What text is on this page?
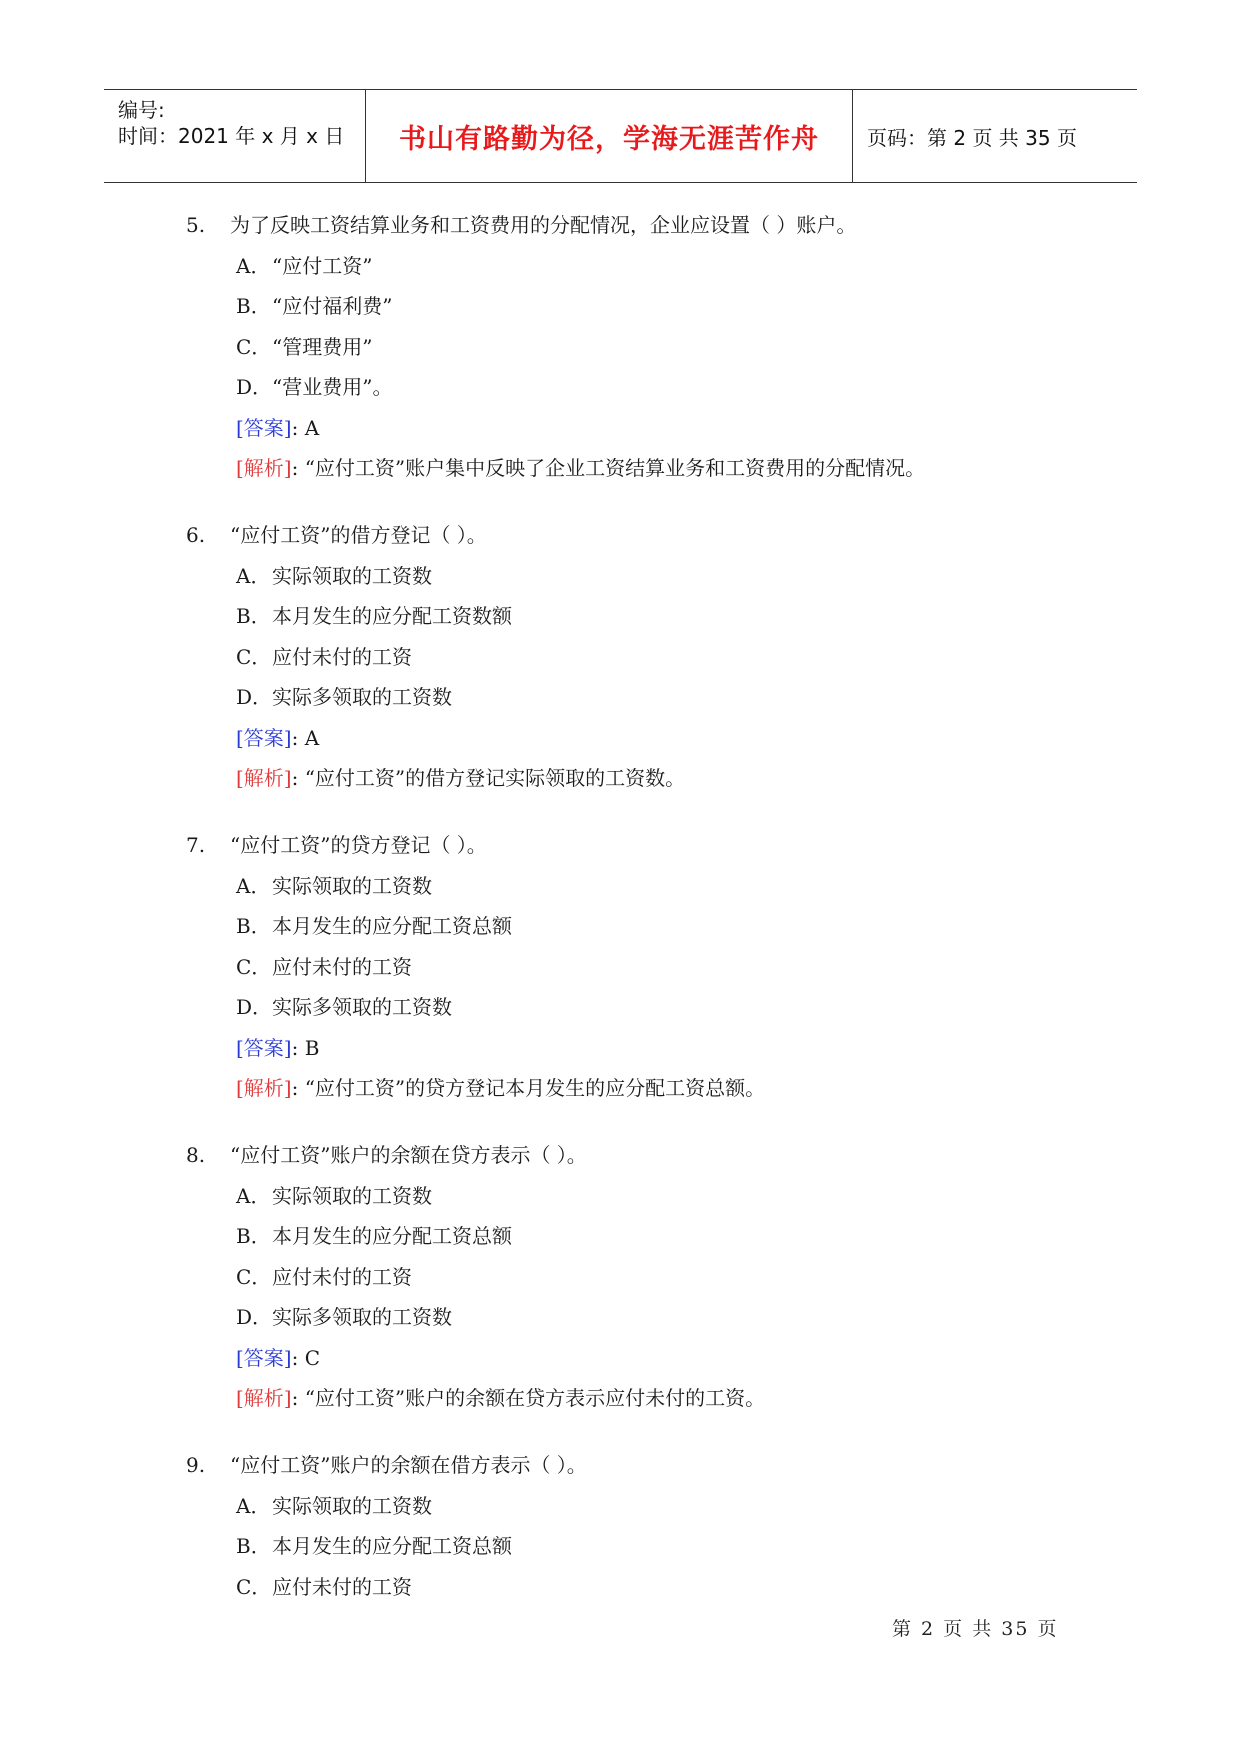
编号:
时间：2021 年 x 月 x 日 书山有路勤为径，学海无涯苦作舟 页码：第 2 页 共 35 页
5. 为了反映工资结算业务和工资费用的分配情况，企业应设置（ ）账户。
A．“应付工资”
B．“应付福利费”
C．“管理费用”
D．“营业费用”。
[答案]: A
[解析]: “应付工资”账户集中反映了企业工资结算业务和工资费用的分配情况。
6. “应付工资”的借方登记（ ）。
A．实际领取的工资数
B．本月发生的应分配工资数额
C．应付未付的工资
D．实际多领取的工资数
[答案]: A
[解析]: “应付工资”的借方登记实际领取的工资数。
7. “应付工资”的贷方登记（ ）。
A．实际领取的工资数
B．本月发生的应分配工资总额
C．应付未付的工资
D．实际多领取的工资数
[答案]: B
[解析]: “应付工资”的贷方登记本月发生的应分配工资总额。
8. “应付工资”账户的余额在贷方表示（ ）。
A．实际领取的工资数
B．本月发生的应分配工资总额
C．应付未付的工资
D．实际多领取的工资数
[答案]: C
[解析]: “应付工资”账户的余额在贷方表示应付未付的工资。
9. “应付工资”账户的余额在借方表示（ ）。
A．实际领取的工资数
B．本月发生的应分配工资总额
C．应付未付的工资
第 2 页 共 35 页
